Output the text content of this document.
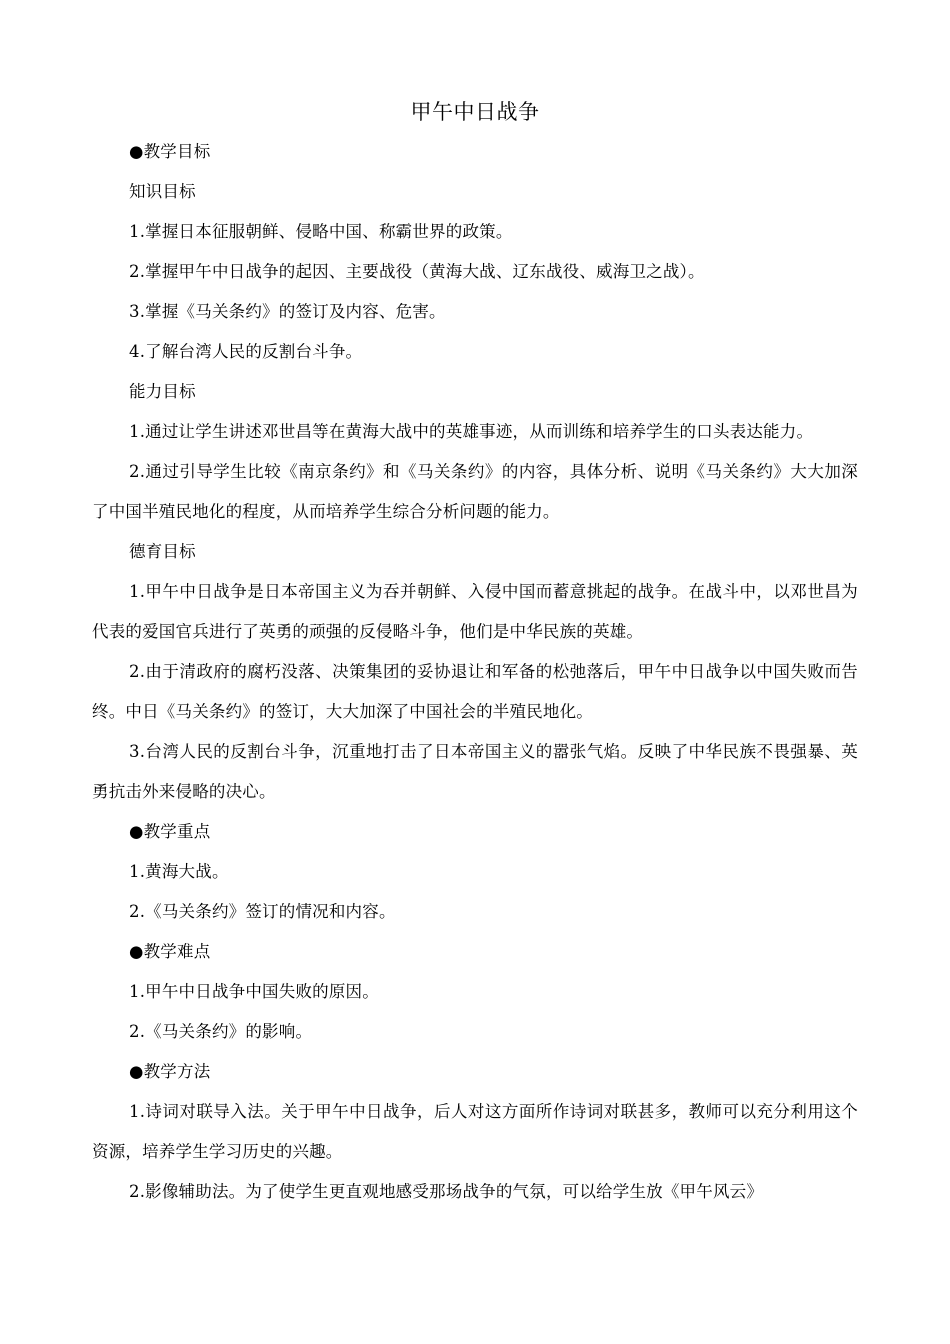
甲午中日战争

●教学目标

知识目标

1.掌握日本征服朝鲜、侵略中国、称霸世界的政策。

2.掌握甲午中日战争的起因、主要战役（黄海大战、辽东战役、威海卫之战）。

3.掌握《马关条约》的签订及内容、危害。

4.了解台湾人民的反割台斗争。

能力目标

1.通过让学生讲述邓世昌等在黄海大战中的英雄事迹，从而训练和培养学生的口头表达能力。

2.通过引导学生比较《南京条约》和《马关条约》的内容，具体分析、说明《马关条约》大大加深了中国半殖民地化的程度，从而培养学生综合分析问题的能力。

德育目标

1.甲午中日战争是日本帝国主义为吞并朝鲜、入侵中国而蓄意挑起的战争。在战斗中，以邓世昌为代表的爱国官兵进行了英勇的顽强的反侵略斗争，他们是中华民族的英雄。

2.由于清政府的腐朽没落、决策集团的妥协退让和军备的松弛落后，甲午中日战争以中国失败而告终。中日《马关条约》的签订，大大加深了中国社会的半殖民地化。

3.台湾人民的反割台斗争，沉重地打击了日本帝国主义的嚣张气焰。反映了中华民族不畏强暴、英勇抗击外来侵略的决心。

●教学重点

1.黄海大战。

2.《马关条约》签订的情况和内容。

●教学难点

1.甲午中日战争中国失败的原因。

2.《马关条约》的影响。

●教学方法

1.诗词对联导入法。关于甲午中日战争，后人对这方面所作诗词对联甚多，教师可以充分利用这个资源，培养学生学习历史的兴趣。

2.影像辅助法。为了使学生更直观地感受那场战争的气氛，可以给学生放《甲午风云》
